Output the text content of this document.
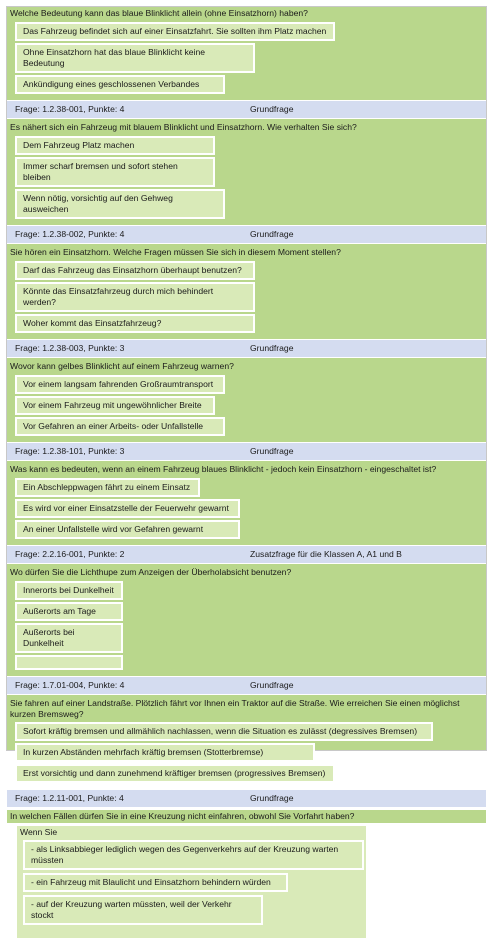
Welche Bedeutung kann das blaue Blinklicht allein (ohne Einsatzhorn) haben?
Das Fahrzeug befindet sich auf einer Einsatzfahrt. Sie sollten ihm Platz machen
Ohne Einsatzhorn hat das blaue Blinklicht keine Bedeutung
Ankündigung eines geschlossenen Verbandes
Frage: 1.2.38-001, Punkte: 4	Grundfrage
Es nähert sich ein Fahrzeug mit blauem Blinklicht und Einsatzhorn. Wie verhalten Sie sich?
Dem Fahrzeug Platz machen
Immer scharf bremsen und sofort stehen bleiben
Wenn nötig, vorsichtig auf den Gehweg ausweichen
Frage: 1.2.38-002, Punkte: 4	Grundfrage
Sie hören ein Einsatzhorn. Welche Fragen müssen Sie sich in diesem Moment stellen?
Darf das Fahrzeug das Einsatzhorn überhaupt benutzen?
Könnte das Einsatzfahrzeug durch mich behindert werden?
Woher kommt das Einsatzfahrzeug?
Frage: 1.2.38-003, Punkte: 3	Grundfrage
Wovor kann gelbes Blinklicht auf einem Fahrzeug warnen?
Vor einem langsam fahrenden Großraumtransport
Vor einem Fahrzeug mit ungewöhnlicher Breite
Vor Gefahren an einer Arbeits- oder Unfallstelle
Frage: 1.2.38-101, Punkte: 3	Grundfrage
Was kann es bedeuten, wenn an einem Fahrzeug blaues Blinklicht - jedoch kein Einsatzhorn - eingeschaltet ist?
Ein Abschleppwagen fährt zu einem Einsatz
Es wird vor einer Einsatzstelle der Feuerwehr gewarnt
An einer Unfallstelle wird vor Gefahren gewarnt
Frage: 2.2.16-001, Punkte: 2	Zusatzfrage für die Klassen A, A1 und B
Wo dürfen Sie die Lichthupe zum Anzeigen der Überholabsicht benutzen?
Innerorts bei Dunkelheit
Außerorts am Tage
Außerorts bei Dunkelheit
Frage: 1.7.01-004, Punkte: 4	Grundfrage
Sie fahren auf einer Landstraße. Plötzlich fährt vor Ihnen ein Traktor auf die Straße. Wie erreichen Sie einen möglichst kurzen Bremsweg?
Sofort kräftig bremsen und allmählich nachlassen, wenn die Situation es zulässt (degressives Bremsen)
In kurzen Abständen mehrfach kräftig bremsen (Stotterbremse)
Erst vorsichtig und dann zunehmend kräftiger bremsen (progressives Bremsen)
Frage: 1.2.11-001, Punkte: 4	Grundfrage
In welchen Fällen dürfen Sie in eine Kreuzung nicht einfahren, obwohl Sie Vorfahrt haben?
Wenn Sie
- als Linksabbieger lediglich wegen des Gegenverkehrs auf der Kreuzung warten müssten
- ein Fahrzeug mit Blaulicht und Einsatzhorn behindern würden
- auf der Kreuzung warten müssten, weil der Verkehr stockt
